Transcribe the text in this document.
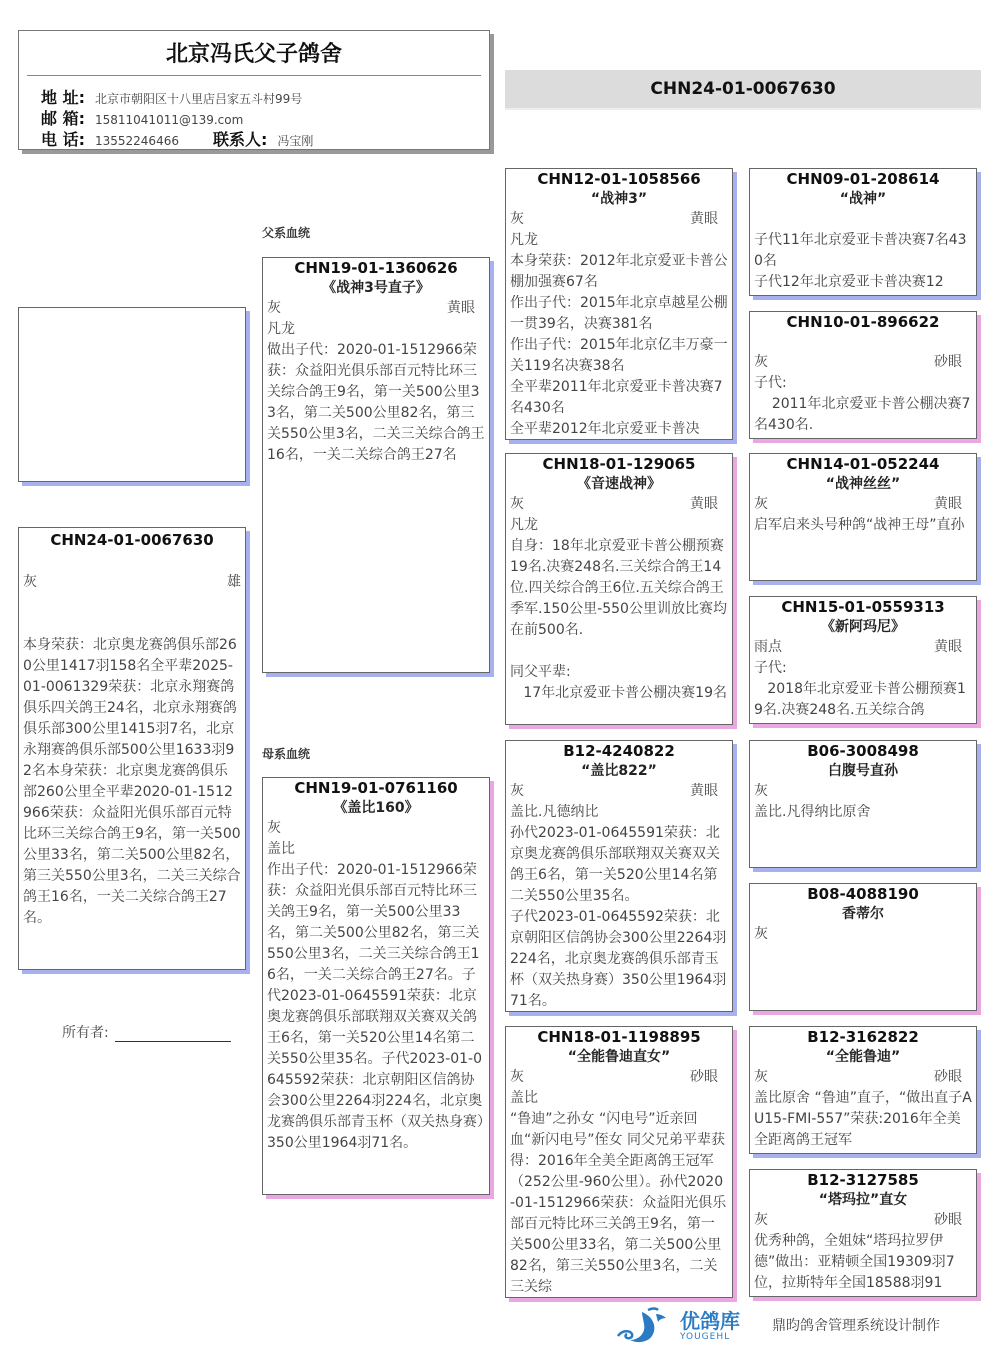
北京冯氏父子鸽舍
地 址: 北京市朝阳区十八里店吕家五斗村99号
邮 箱: 15811041011@139.com
电 话: 13552246466	联系人: 冯宝刚
CHN24-01-0067630
CHN24-01-0067630
灰	雄
本身荣获：北京奥龙赛鸽俱乐部260公里1417羽158名全平辈2025-01-0061329荣获：北京永翔赛鸽俱乐四关鸽王24名，北京永翔赛鸽俱乐部300公里1415羽7名，北京永翔赛鸽俱乐部500公里1633羽92名本身荣获：北京奥龙赛鸽俱乐部260公里全平辈2020-01-1512966荣获：众益阳光俱乐部百元特比环三关综合鸽王9名，第一关500公里33名，第二关500公里82名，第三关550公里3名，二关三关综合鸽王16名，一关二关综合鸽王27名。
所有者:
父系血统
CHN19-01-1360626
《战神3号直子》
灰	黄眼
凡龙
做出子代：2020-01-1512966荣获：众益阳光俱乐部百元特比环三关综合鸽王9名，第一关500公里33名，第二关500公里82名，第三关550公里3名，二关三关综合鸽王16名，一关二关综合鸽王27名
母系血统
CHN19-01-0761160
《盖比160》
灰
盖比
作出子代：2020-01-1512966荣获：众益阳光俱乐部百元特比环三关鸽王9名，第一关500公里33名，第二关500公里82名，第三关550公里3名，二关三关综合鸽王16名，一关二关综合鸽王27名。子代2023-01-0645591荣获：北京奥龙赛鸽俱乐部联翔双关赛双关鸽王6名，第一关520公里14名第二关550公里35名。子代2023-01-0645592荣获：北京朝阳区信鸽协会300公里2264羽224名，北京奥龙赛鸽俱乐部青玉杯（双关热身赛）350公里1964羽71名。
CHN12-01-1058566
“战神3”
灰	黄眼
凡龙
本身荣获：2012年北京爱亚卡普公棚加强赛67名
作出子代：2015年北京卓越星公棚一贯39名，决赛381名
作出子代：2015年北京亿丰万豪一关119名决赛38名
全平辈2011年北京爱亚卡普决赛7名430名
全平辈2012年北京爱亚卡普决
CHN18-01-129065
《音速战神》
灰	黄眼
凡龙
自身：18年北京爱亚卡普公棚预赛19名.决赛248名.三关综合鸽王14位.四关综合鸽王6位.五关综合鸽王季军.150公里-550公里训放比赛均在前500名.

同父平辈:
17年北京爱亚卡普公棚决赛19名
B12-4240822
“盖比822”
灰	黄眼
盖比.凡德纳比
孙代2023-01-0645591荣获：北京奥龙赛鸽俱乐部联翔双关赛双关鸽王6名，第一关520公里14名第二关550公里35名。
子代2023-01-0645592荣获：北京朝阳区信鸽协会300公里2264羽224名，北京奥龙赛鸽俱乐部青玉杯（双关热身赛）350公里1964羽71名。
CHN18-01-1198895
“全能鲁迪直女”
灰	砂眼
盖比
“鲁迪”之孙女 “闪电号”近亲回血“新闪电号”侄女 同父兄弟平辈获得：2016年全美全距离鸽王冠军（252公里-960公里）。孙代2020-01-1512966荣获：众益阳光俱乐部百元特比环三关鸽王9名，第一关500公里33名，第二关500公里82名，第三关550公里3名，二关三关综
CHN09-01-208614
“战神”
子代11年北京爱亚卡普决赛7名430名
子代12年北京爱亚卡普决赛12
CHN10-01-896622
灰	砂眼
子代:
2011年北京爱亚卡普公棚决赛7名430名.
CHN14-01-052244
“战神丝丝”
灰	黄眼
启军启来头号种鸽“战神王母”直孙
CHN15-01-0559313
《新阿玛尼》
雨点	黄眼
子代:
2018年北京爱亚卡普公棚预赛19名.决赛248名.五关综合鸽
B06-3008498
白腹号直孙
灰
盖比.凡得纳比原舍
B08-4088190
香蒂尔
灰
B12-3162822
“全能鲁迪”
灰	砂眼
盖比原舍 “鲁迪”直子，“做出直子AU15-FMI-557”荣获:2016年全美全距离鸽王冠军
B12-3127585
“塔玛拉”直女
灰	砂眼
优秀种鸽，全姐妹“塔玛拉罗伊德”做出：亚精顿全国19309羽7位，拉斯特年全国18588羽91
优鸽库
YOUGEHL
鼎昀鸽舍管理系统设计制作
